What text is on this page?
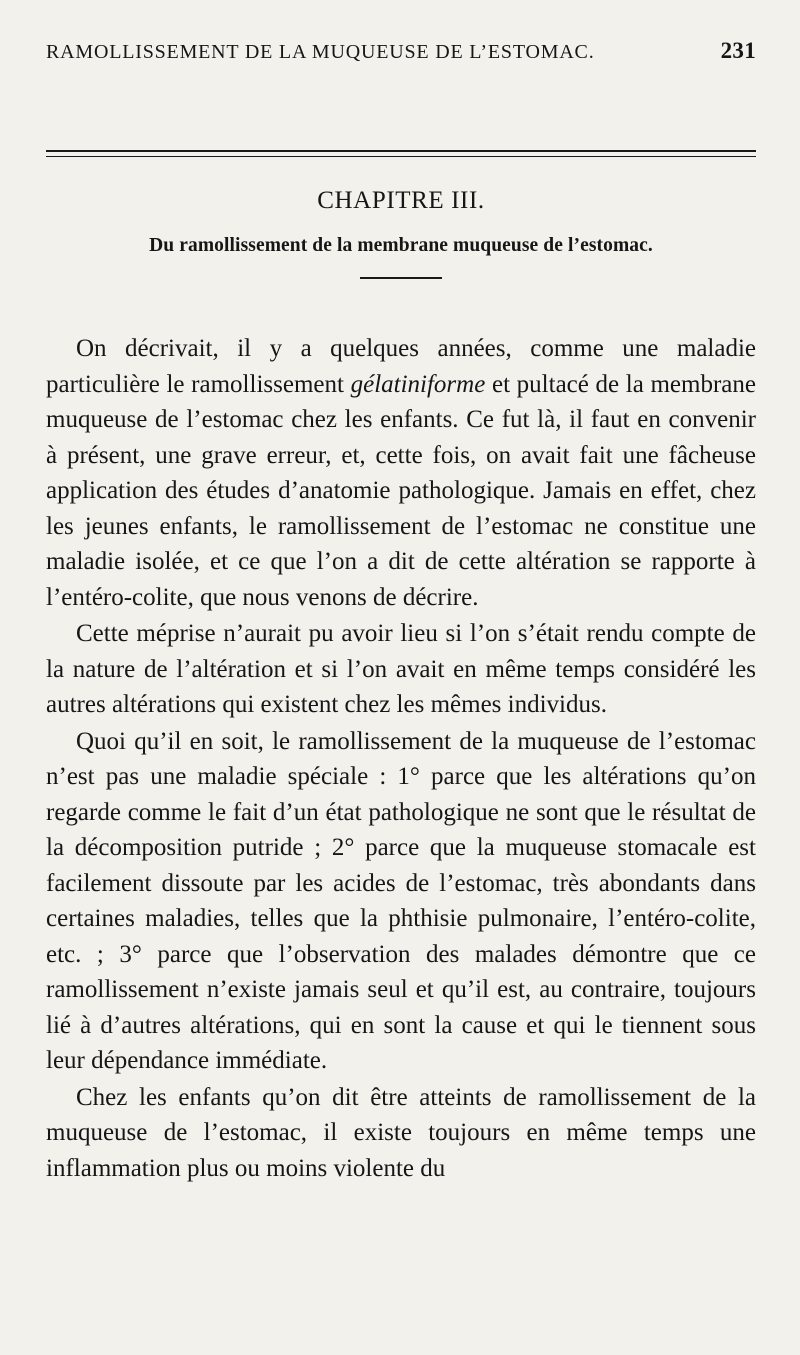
RAMOLLISSEMENT DE LA MUQUEUSE DE L’ESTOMAC.	231
CHAPITRE III.
Du ramollissement de la membrane muqueuse de l’estomac.

On décrivait, il y a quelques années, comme une maladie particulière le ramollissement gélatiniforme et pultacé de la membrane muqueuse de l’estomac chez les enfants. Ce fut là, il faut en convenir à présent, une grave erreur, et, cette fois, on avait fait une fâcheuse application des études d’anatomie pathologique. Jamais en effet, chez les jeunes enfants, le ramollissement de l’estomac ne constitue une maladie isolée, et ce que l’on a dit de cette altération se rapporte à l’entéro-colite, que nous venons de décrire.

Cette méprise n’aurait pu avoir lieu si l’on s’était rendu compte de la nature de l’altération et si l’on avait en même temps considéré les autres altérations qui existent chez les mêmes individus.

Quoi qu’il en soit, le ramollissement de la muqueuse de l’estomac n’est pas une maladie spéciale : 1° parce que les altérations qu’on regarde comme le fait d’un état pathologique ne sont que le résultat de la décomposition putride ; 2° parce que la muqueuse stomacale est facilement dissoute par les acides de l’estomac, très abondants dans certaines maladies, telles que la phthisie pulmonaire, l’entéro-colite, etc. ; 3° parce que l’observation des malades démontre que ce ramollissement n’existe jamais seul et qu’il est, au contraire, toujours lié à d’autres altérations, qui en sont la cause et qui le tiennent sous leur dépendance immédiate.

Chez les enfants qu’on dit être atteints de ramollissement de la muqueuse de l’estomac, il existe toujours en même temps une inflammation plus ou moins violente du
